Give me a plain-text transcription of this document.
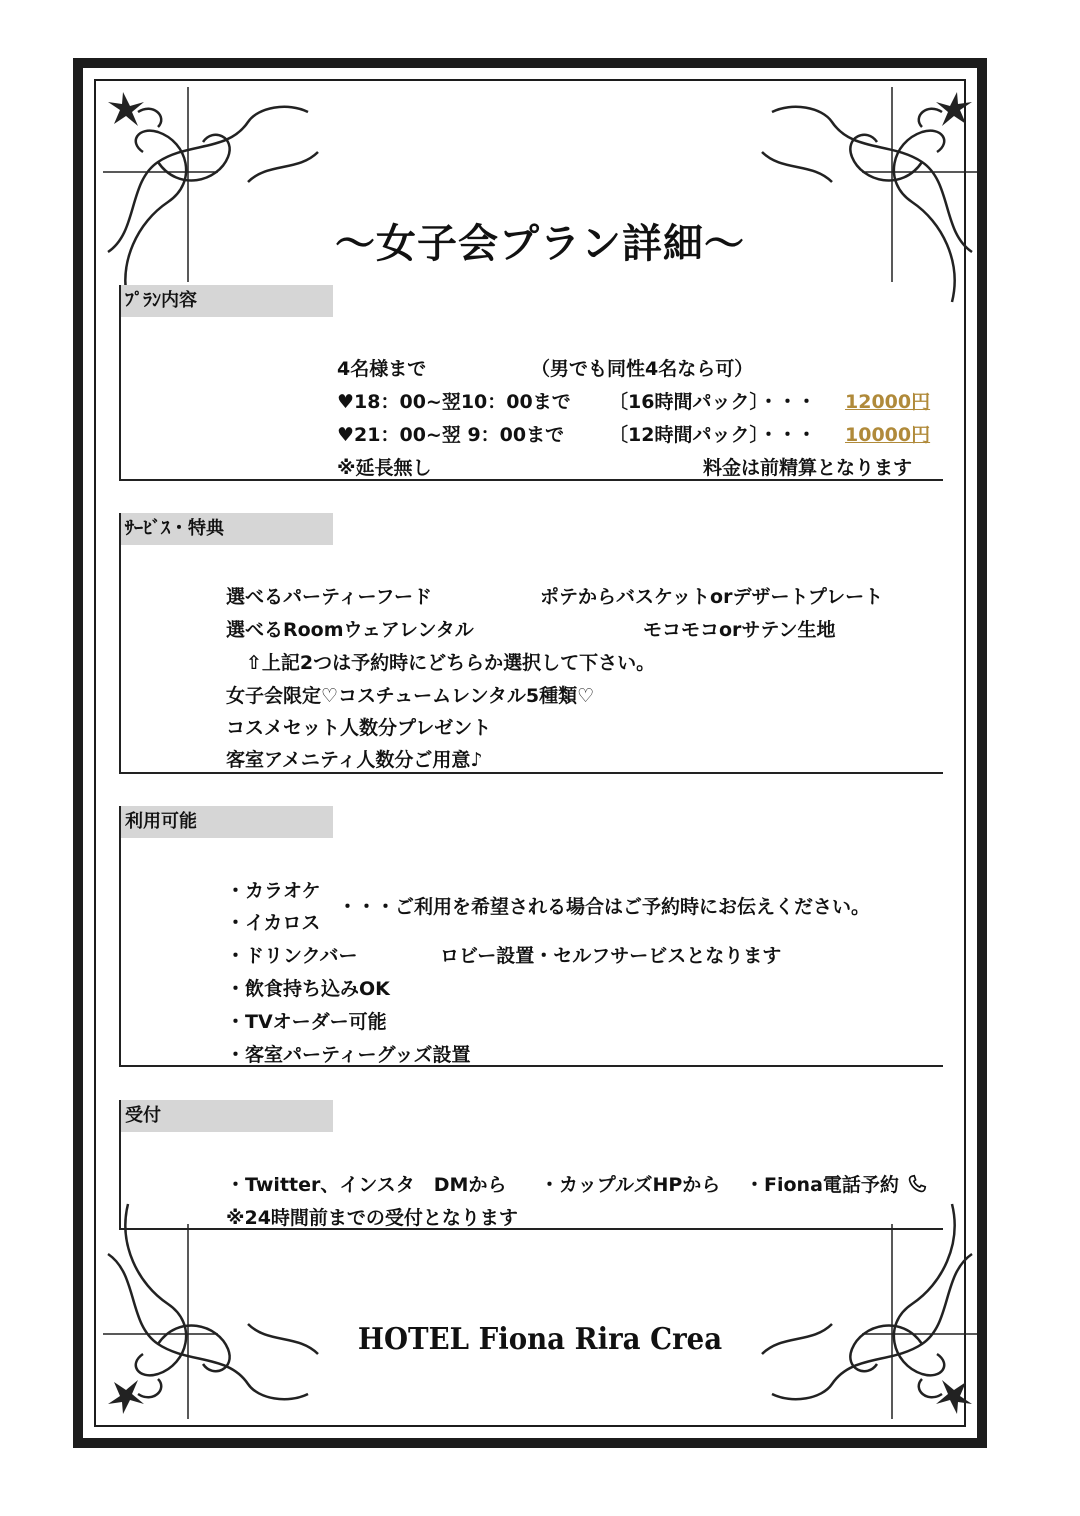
～女子会プラン詳細～
ﾌﾟﾗﾝ内容
4名様まで	（男でも同性4名なら可）
♥18：00~翌10：00まで 〔16時間パック〕・・・ 12000円
♥21：00~翌 9：00まで 〔12時間パック〕・・・ 10000円
※延長無し	料金は前精算となります
ｻｰﾋﾞｽ・特典
選べるパーティーフード	ポテからバスケットorデザートプレート
選べるRoomウェアレンタル	モコモコorサテン生地
⇧上記2つは予約時にどちらか選択して下さい。
女子会限定♡コスチュームレンタル5種類♡
コスメセット人数分プレゼント
客室アメニティ人数分ご用意♪
利用可能
・カラオケ
・イカロス
・・・ご利用を希望される場合はご予約時にお伝えください。
・ドリンクバー	ロビー設置・セルフサービスとなります
・飲食持ち込みOK
・TVオーダー可能
・客室パーティーグッズ設置
受付
・Twitter、インスタ　DMから ・カップルズHPから ・Fiona電話予約
※24時間前までの受付となります
HOTEL Fiona Rira Crea
